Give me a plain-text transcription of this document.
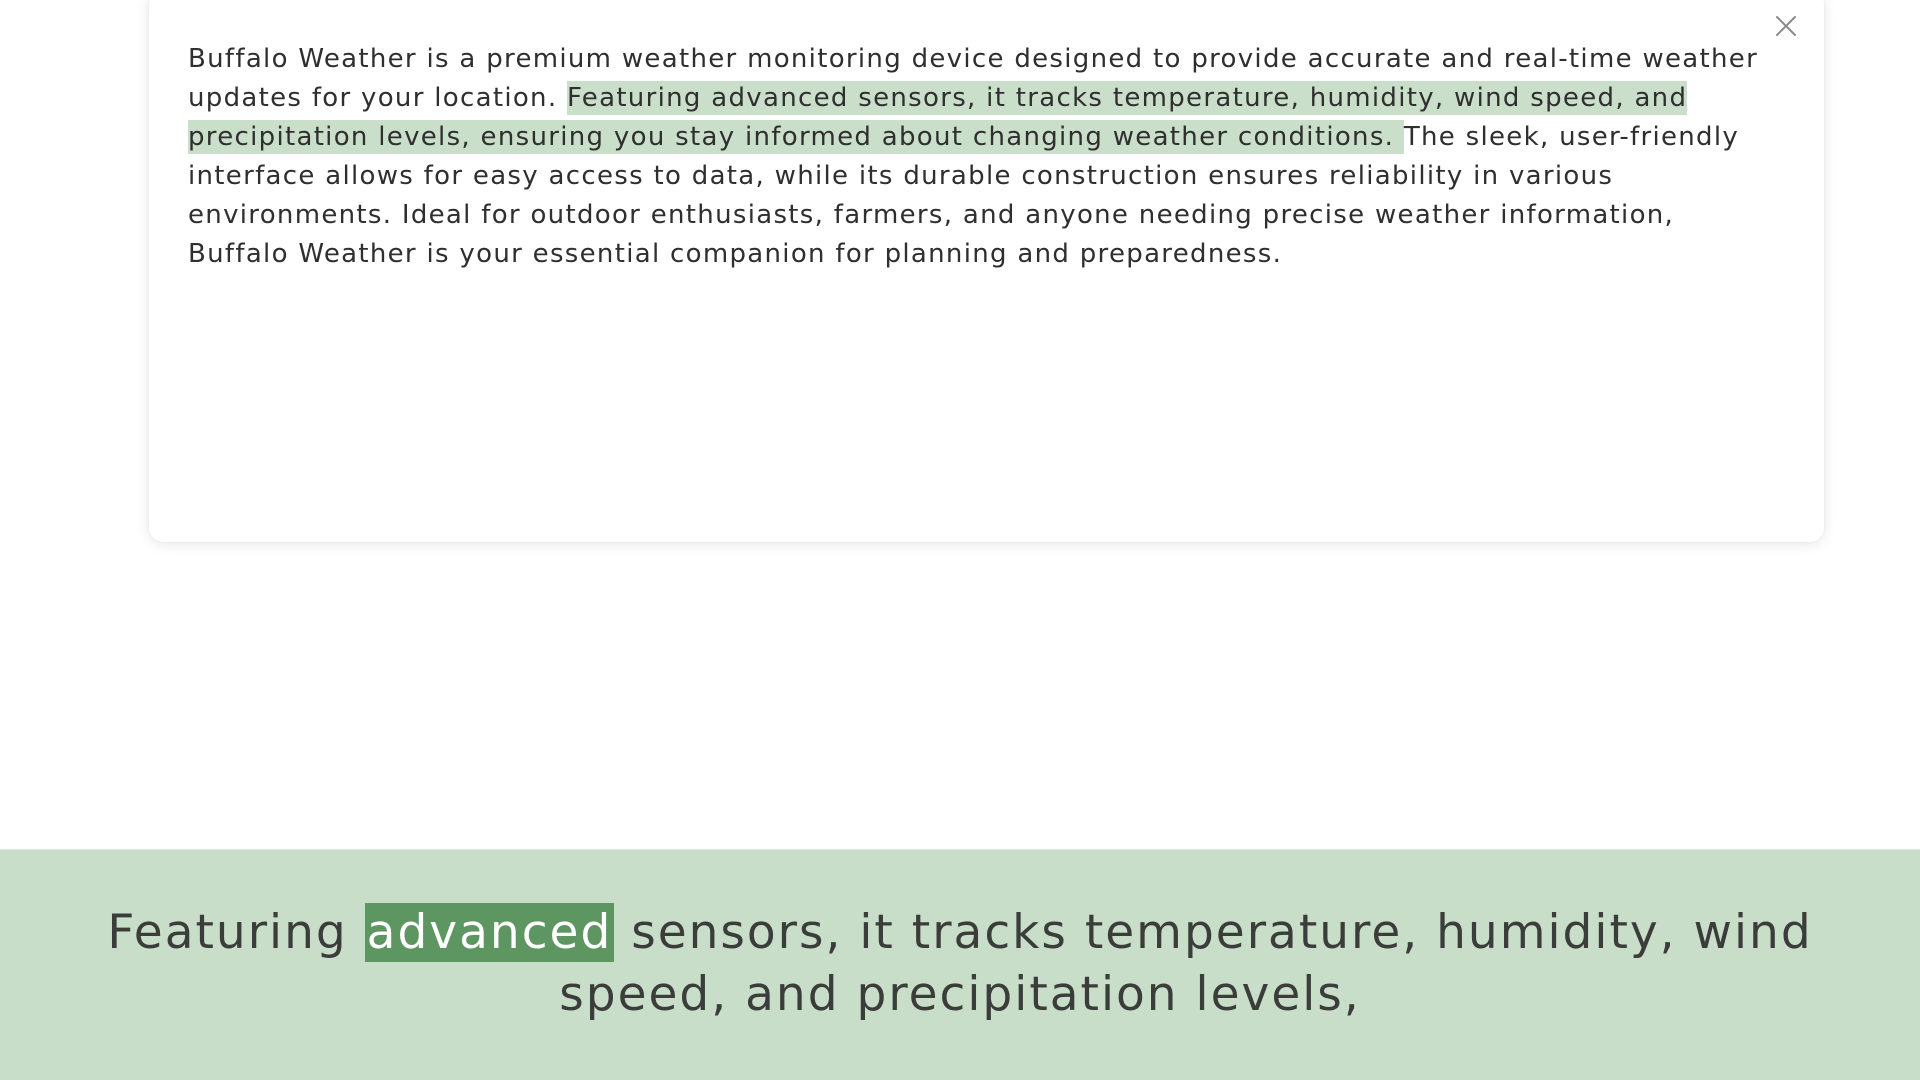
Buffalo Weather is a premium weather monitoring device designed to provide accurate and real-time weather updates for your location. Featuring advanced sensors, it tracks temperature, humidity, wind speed, and precipitation levels, ensuring you stay informed about changing weather conditions. The sleek, user-friendly interface allows for easy access to data, while its durable construction ensures reliability in various environments. Ideal for outdoor enthusiasts, farmers, and anyone needing precise weather information, Buffalo Weather is your essential companion for planning and preparedness.

Featuring advanced sensors, it tracks temperature, humidity, wind speed, and precipitation levels,
